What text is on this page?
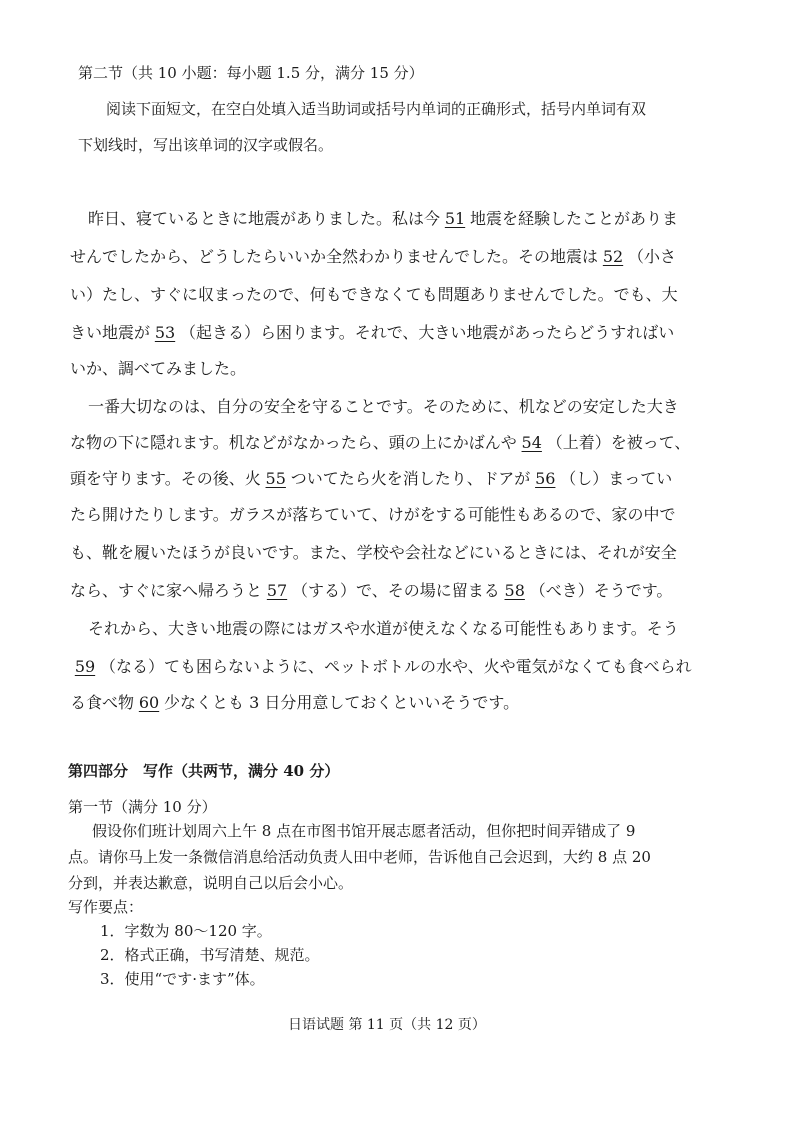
第二节（共 10 小题：每小题 1.5 分，满分 15 分）
阅读下面短文，在空白处填入适当助词或括号内单词的正确形式，括号内单词有双
下划线时，写出该单词的汉字或假名。
昨日、寝ているときに地震がありました。私は今 51 地震を経験したことがありま
せんでしたから、どうしたらいいか全然わかりませんでした。その地震は 52 （小さ
い）たし、すぐに収まったので、何もできなくても問題ありませんでした。でも、大
きい地震が 53 （起きる）ら困ります。それで、大きい地震があったらどうすればい
いか、調べてみました。
一番大切なのは、自分の安全を守ることです。そのために、机などの安定した大き
な物の下に隠れます。机などがなかったら、頭の上にかばんや 54 （上着）を被って、
頭を守ります。その後、火 55 ついてたら火を消したり、ドアが 56 （し）まってい
たら開けたりします。ガラスが落ちていて、けがをする可能性もあるので、家の中で
も、靴を履いたほうが良いです。また、学校や会社などにいるときには、それが安全
なら、すぐに家へ帰ろうと 57 （する）で、その場に留まる 58 （べき）そうです。
それから、大きい地震の際にはガスや水道が使えなくなる可能性もあります。そう
59 （なる）ても困らないように、ペットボトルの水や、火や電気がなくても食べられ
る食べ物 60 少なくとも 3 日分用意しておくといいそうです。
第四部分　写作（共两节，满分 40 分）
第一节（满分 10 分）
假设你们班计划周六上午 8 点在市图书馆开展志愿者活动，但你把时间弄错成了 9
点。请你马上发一条微信消息给活动负责人田中老师，告诉他自己会迟到，大约 8 点 20
分到，并表达歉意，说明自己以后会小心。
写作要点：
1．字数为 80～120 字。
2．格式正确，书写清楚、规范。
3．使用“です·ます”体。
日语试题 第 11 页（共 12 页）
